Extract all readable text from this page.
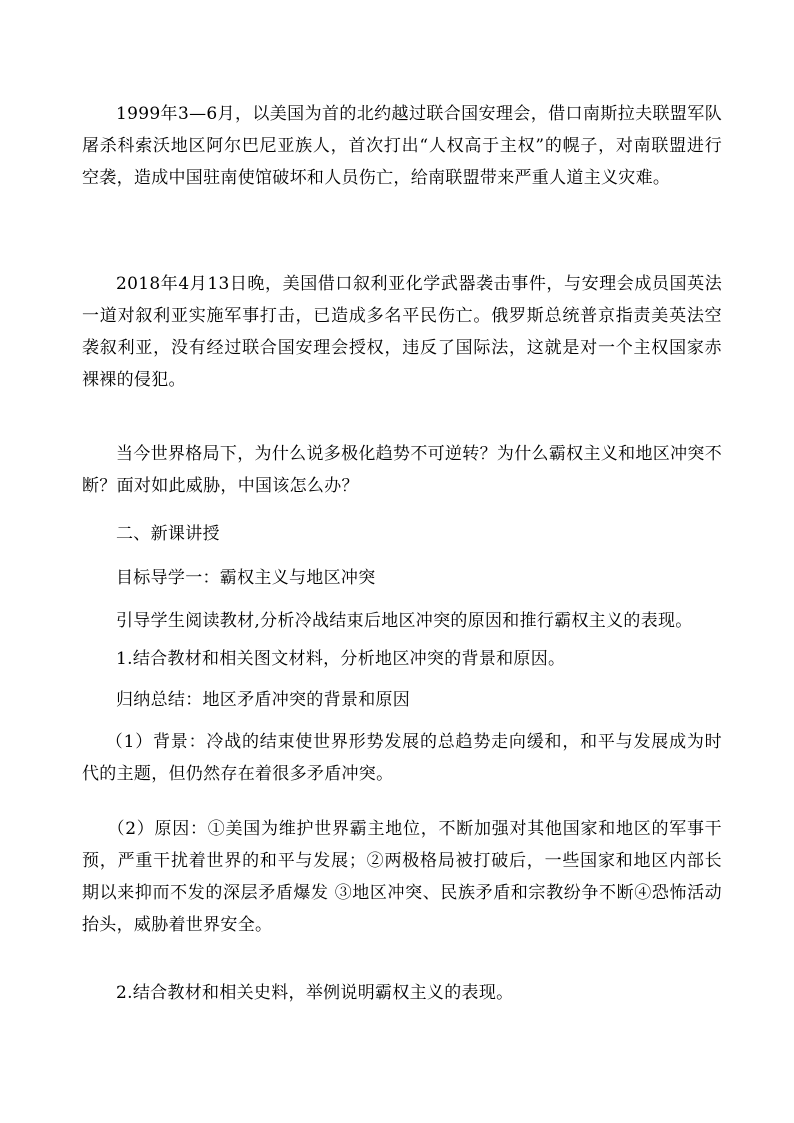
1999年3—6月，以美国为首的北约越过联合国安理会，借口南斯拉夫联盟军队屠杀科索沃地区阿尔巴尼亚族人，首次打出“人权高于主权”的幌子，对南联盟进行空袭，造成中国驻南使馆破坏和人员伤亡，给南联盟带来严重人道主义灾难。

2018年4月13日晚，美国借口叙利亚化学武器袭击事件，与安理会成员国英法一道对叙利亚实施军事打击，已造成多名平民伤亡。俄罗斯总统普京指责美英法空袭叙利亚，没有经过联合国安理会授权，违反了国际法，这就是对一个主权国家赤裸裸的侵犯。

当今世界格局下，为什么说多极化趋势不可逆转？为什么霸权主义和地区冲突不断？面对如此威胁，中国该怎么办？

二、新课讲授

目标导学一：霸权主义与地区冲突

引导学生阅读教材,分析冷战结束后地区冲突的原因和推行霸权主义的表现。

1.结合教材和相关图文材料，分析地区冲突的背景和原因。

归纳总结：地区矛盾冲突的背景和原因

（1）背景：冷战的结束使世界形势发展的总趋势走向缓和，和平与发展成为时代的主题，但仍然存在着很多矛盾冲突。

（2）原因：①美国为维护世界霸主地位，不断加强对其他国家和地区的军事干预，严重干扰着世界的和平与发展；②两极格局被打破后，一些国家和地区内部长期以来抑而不发的深层矛盾爆发 ③地区冲突、民族矛盾和宗教纷争不断④恐怖活动抬头，威胁着世界安全。

2.结合教材和相关史料，举例说明霸权主义的表现。
